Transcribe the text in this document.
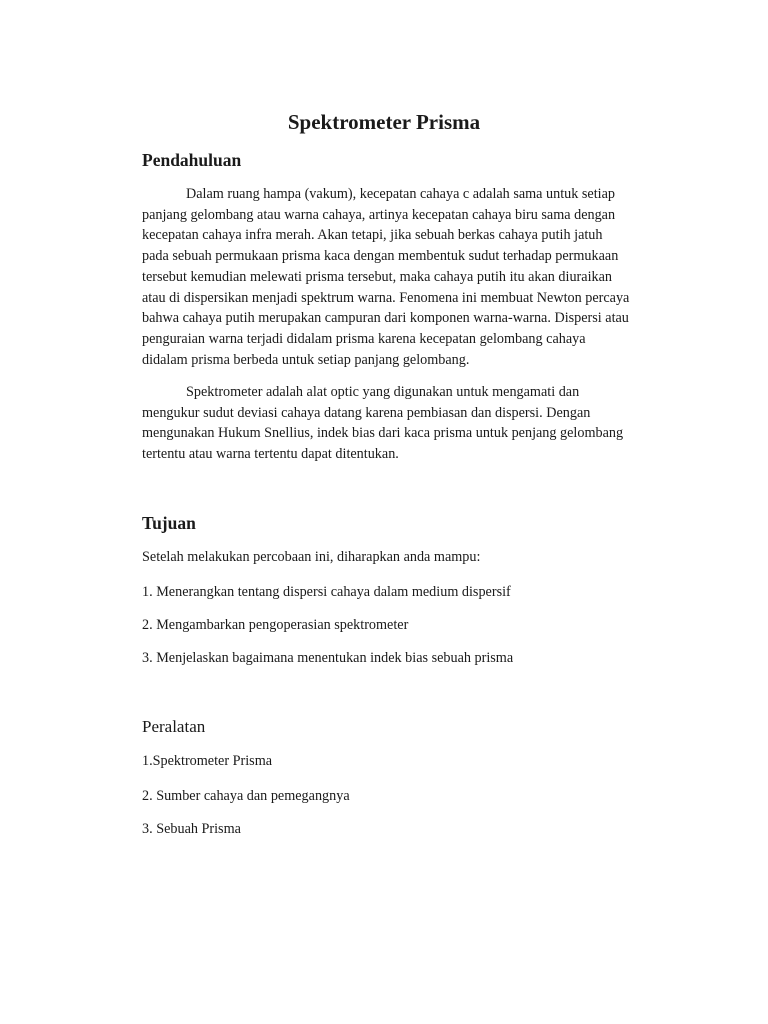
Spektrometer Prisma
Pendahuluan
Dalam ruang hampa (vakum), kecepatan cahaya c adalah sama untuk setiap
panjang gelombang atau warna cahaya, artinya kecepatan cahaya biru sama dengan
kecepatan cahaya infra merah. Akan tetapi, jika sebuah berkas cahaya putih jatuh
pada sebuah permukaan prisma kaca dengan membentuk sudut terhadap permukaan
tersebut kemudian melewati prisma tersebut, maka cahaya putih itu akan diuraikan
atau di dispersikan menjadi spektrum warna. Fenomena ini membuat Newton percaya
bahwa cahaya putih merupakan campuran dari komponen warna-warna. Dispersi atau
penguraian warna terjadi didalam prisma karena kecepatan gelombang cahaya
didalam prisma berbeda untuk setiap panjang gelombang.
Spektrometer adalah alat optic yang digunakan untuk mengamati dan
mengukur sudut deviasi cahaya datang karena pembiasan dan dispersi. Dengan
mengunakan Hukum Snellius, indek bias dari kaca prisma untuk penjang gelombang
tertentu atau warna tertentu dapat ditentukan.
Tujuan

Setelah melakukan percobaan ini, diharapkan anda mampu:

1. Menerangkan tentang dispersi cahaya dalam medium dispersif

2. Mengambarkan pengoperasian spektrometer

3. Menjelaskan bagaimana menentukan indek bias sebuah prisma

Peralatan

1.Spektrometer Prisma

2. Sumber cahaya dan pemegangnya

3. Sebuah Prisma
